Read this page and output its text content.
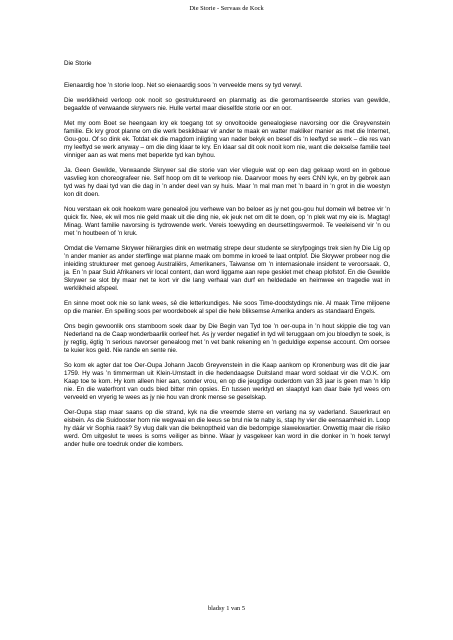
Die Storie - Servaas de Kock

Die Storie

Eienaardig hoe ’n storie loop. Net so eienaardig soos ’n verveelde mens sy tyd verwyl.

Die werklikheid verloop ook nooit so gestruktureerd en planmatig as die geromantiseerde stories van gewilde, begaafde of verwaande skrywers nie. Hulle vertel maar dieselfde storie oor en oor.

Met my oom Boet se heengaan kry ek toegang tot sy onvoltooide genealogiese navorsing oor die Greyvenstein familie. Ek kry groot planne om die werk beskikbaar vir ander te maak en watter makliker manier as met die Internet, Gou-gou. Of so dink ek. Totdat ek die magdom inligting van nader bekyk en besef dis ’n leeftyd se werk – die res van my leeftyd se werk anyway – om die ding klaar te kry. En klaar sal dit ook nooit kom nie, want die dekselse familie teel vinniger aan as wat mens met beperkte tyd kan byhou.

Ja. Geen Gewilde, Verwaande Skrywer sal die storie van vier vlieguie wat op een dag gekaap word en in geboue vasvlieg kon choreografeer nie. Self hoop om dit te verkoop nie. Daarvoor moes hy eers CNN kyk, en by gebrek aan tyd was hy daai tyd van die dag in ’n ander deel van sy huis. Maar ’n mal man met ’n baard in ’n grot in die woestyn kon dit doen.

Nou verstaan ek ook hoekom ware genealoë jou verhewe van bo beloer as jy net gou-gou hul domein wil betree vir ’n quick fix. Nee, ek wil mos nie geld maak uit die ding nie, ek jeuk net om dit te doen, op ’n plek wat my eie is. Magtag! Minag. Want familie navorsing is tydrowende werk. Vereis toewyding en deursettingsvermoë. Te veeleisend vir ’n ou met ’n houtbeen of ’n kruk.

Omdat die Vername Skrywer hiërargies dink en wetmatig strepe deur studente se skryfpogings trek sien hy Die Lig op ’n ander manier as ander sterflinge wat planne maak om bomme in kroeë te laat ontplof. Die Skrywer probeer nog die inleiding struktureer met genoeg Australiërs, Amerikaners, Taiwanse om ’n internasionale insident te veroorsaak. O, ja. En ’n paar Suid Afrikaners vir local content, dan word liggame aan repe geskiet met cheap plofstof. En die Gewilde Skrywer se slot bly maar net te kort vir die lang verhaal van durf en heldedade en heimwee en tragedie wat in werklikheid afspeel.

En sinne moet ook nie so lank wees, sê die letterkundiges. Nie soos Time-doodstydings nie. Al maak Time miljoene op die manier. En spelling soos per woordeboek al spel die hele bliksemse Amerika anders as standaard Engels.

Ons begin gewoonlik ons stamboom soek daar by Die Begin van Tyd toe ’n oer-oupa in ’n hout skippie die tog van Nederland na de Caap wonderbaarlik oorleef het. As jy verder negatief in tyd wil teruggaan om jou bloedlyn te soek, is jy regtig, ëgtig ’n serious navorser genealoog met ’n vet bank rekening en ’n geduldige expense account. Om oorsee te kuier kos geld. Nie rande en sente nie.

So kom ek agter dat toe Oer-Oupa Johann Jacob Greyvenstein in die Kaap aankom op Kronenburg was dit die jaar 1759. Hy was ’n timmerman uit Klein-Umstadt in die hedendaagse Duitsland maar word soldaat vir die V.O.K. om Kaap toe te kom. Hy kom alleen hier aan, sonder vrou, en op die jeugdige ouderdom van 33 jaar is geen man ’n klip nie. En die waterfront van ouds bied bitter min opsies. En tussen werktyd en slaaptyd kan daar baie tyd wees om verveeld en vryerig te wees as jy nie hou van dronk mense se geselskap.

Oer-Oupa stap maar saans op die strand, kyk na die vreemde sterre en verlang na sy vaderland. Sauerkraut en eisbein. As die Suidooster hom nie wegwaai en die leeus se brul nie te naby is, stap hy vier die eensaamheid in. Loop hy dáár vir Sophia raak? Sy vlug dalk van die beknoptheid van die bedompige slawekwartier. Onwettig maar die risiko werd. Om uitgeslut te wees is soms veiliger as binne. Waar jy vasgekeer kan word in die donker in ’n hoek terwyl ander hulle ore toedruk onder die kombers.

bladsy 1 van 5
